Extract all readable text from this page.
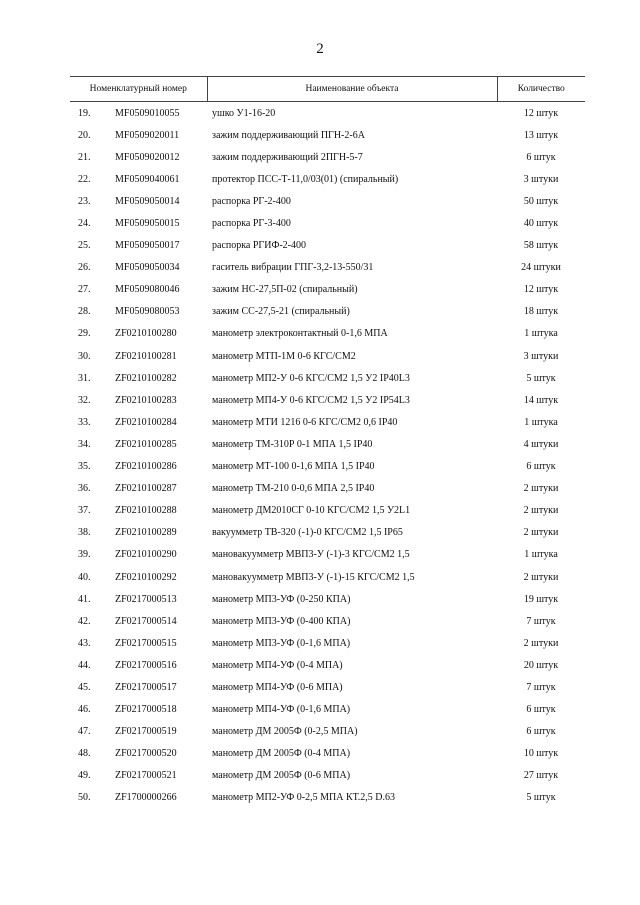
2
Номенклатурный номер		Наименование объекта	Количество
19.	MF0509010055	ушко У1-16-20	12 штук
20.	MF0509020011	зажим поддерживающий ПГН-2-6А	13 штук
21.	MF0509020012	зажим поддерживающий 2ПГН-5-7	6 штук
22.	MF0509040061	протектор ПСС-Т-11,0/03(01) (спиральный)	3 штуки
23.	MF0509050014	распорка РГ-2-400	50 штук
24.	MF0509050015	распорка РГ-3-400	40 штук
25.	MF0509050017	распорка РГИФ-2-400	58 штук
26.	MF0509050034	гаситель вибрации ГПГ-3,2-13-550/31	24 штуки
27.	MF0509080046	зажим НС-27,5П-02 (спиральный)	12 штук
28.	MF0509080053	зажим СС-27,5-21 (спиральный)	18 штук
29.	ZF0210100280	манометр электроконтактный 0-1,6 МПА	1 штука
30.	ZF0210100281	манометр МТП-1М 0-6 КГС/СМ2	3 штуки
31.	ZF0210100282	манометр МП2-У 0-6 КГС/СМ2 1,5 У2 IP40L3	5 штук
32.	ZF0210100283	манометр МП4-У 0-6 КГС/СМ2 1,5 У2 IP54L3	14 штук
33.	ZF0210100284	манометр МТИ 1216 0-6 КГС/СМ2 0,6 IP40	1 штука
34.	ZF0210100285	манометр ТМ-310Р 0-1 МПА 1,5 IP40	4 штуки
35.	ZF0210100286	манометр МТ-100 0-1,6 МПА 1,5 IP40	6 штук
36.	ZF0210100287	манометр ТМ-210 0-0,6 МПА 2,5 IP40	2 штуки
37.	ZF0210100288	манометр ДМ2010СГ 0-10 КГС/СМ2 1,5 У2L1	2 штуки
38.	ZF0210100289	вакуумметр ТВ-320 (-1)-0 КГС/СМ2 1,5 IP65	2 штуки
39.	ZF0210100290	мановакуумметр МВП3-У (-1)-3 КГС/СМ2 1,5	1 штука
40.	ZF0210100292	мановакуумметр МВП3-У (-1)-15 КГС/СМ2 1,5	2 штуки
41.	ZF0217000513	манометр МП3-УФ (0-250 КПА)	19 штук
42.	ZF0217000514	манометр МП3-УФ (0-400 КПА)	7 штук
43.	ZF0217000515	манометр МП3-УФ (0-1,6 МПА)	2 штуки
44.	ZF0217000516	манометр МП4-УФ (0-4 МПА)	20 штук
45.	ZF0217000517	манометр МП4-УФ (0-6 МПА)	7 штук
46.	ZF0217000518	манометр МП4-УФ (0-1,6 МПА)	6 штук
47.	ZF0217000519	манометр ДМ 2005Ф (0-2,5 МПА)	6 штук
48.	ZF0217000520	манометр ДМ 2005Ф (0-4 МПА)	10 штук
49.	ZF0217000521	манометр ДМ 2005Ф (0-6 МПА)	27 штук
50.	ZF1700000266	манометр МП2-УФ 0-2,5 МПА КТ.2,5 D.63	5 штук
